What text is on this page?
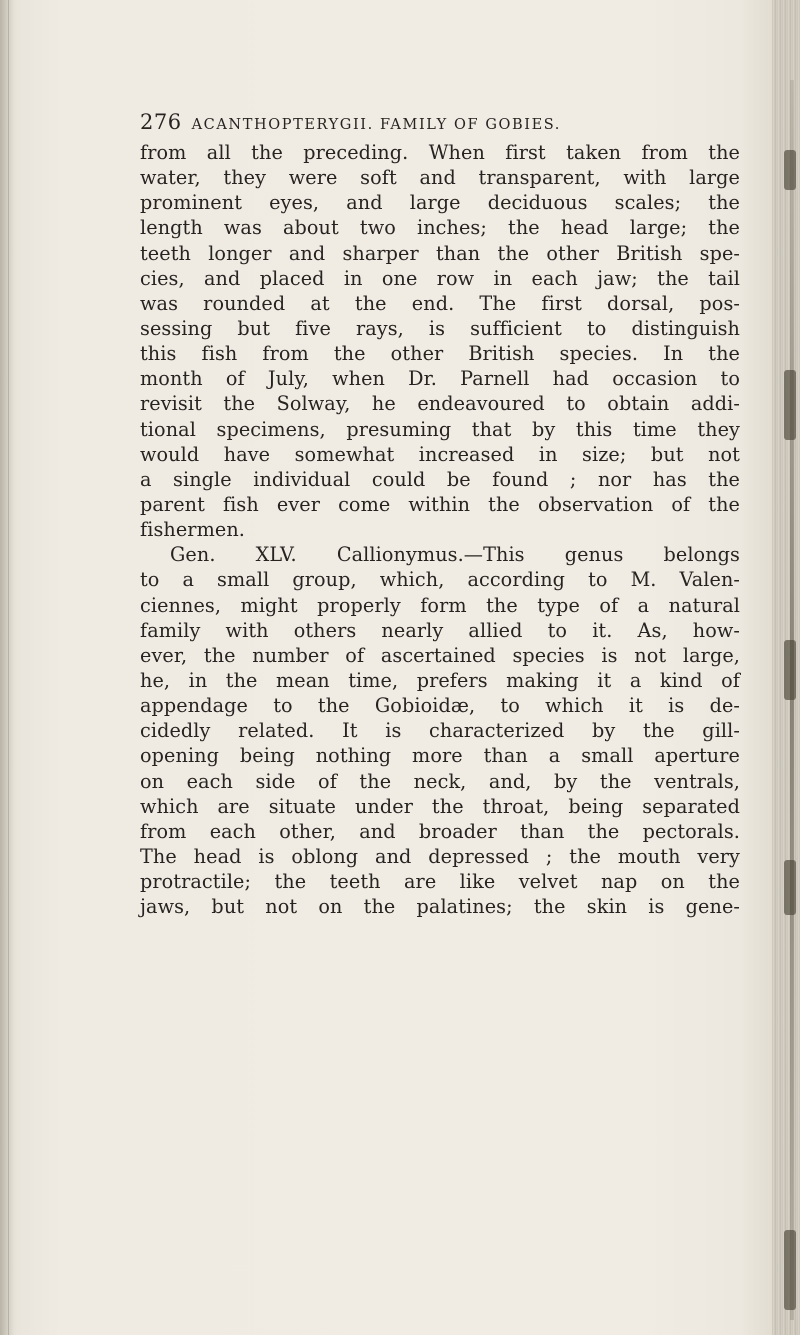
276 ACANTHOPTERYGII. FAMILY OF GOBIES.
from all the preceding. When first taken from the
water, they were soft and transparent, with large
prominent eyes, and large deciduous scales; the
length was about two inches; the head large; the
teeth longer and sharper than the other British spe-
cies, and placed in one row in each jaw; the tail
was rounded at the end. The first dorsal, pos-
sessing but five rays, is sufficient to distinguish
this fish from the other British species. In the
month of July, when Dr. Parnell had occasion to
revisit the Solway, he endeavoured to obtain addi-
tional specimens, presuming that by this time they
would have somewhat increased in size; but not
a single individual could be found ; nor has the
parent fish ever come within the observation of the
fishermen.
Gen. XLV. Callionymus.—This genus belongs
to a small group, which, according to M. Valen-
ciennes, might properly form the type of a natural
family with others nearly allied to it. As, how-
ever, the number of ascertained species is not large,
he, in the mean time, prefers making it a kind of
appendage to the Gobioidæ, to which it is de-
cidedly related. It is characterized by the gill-
opening being nothing more than a small aperture
on each side of the neck, and, by the ventrals,
which are situate under the throat, being separated
from each other, and broader than the pectorals.
The head is oblong and depressed ; the mouth very
protractile; the teeth are like velvet nap on the
jaws, but not on the palatines; the skin is gene-
